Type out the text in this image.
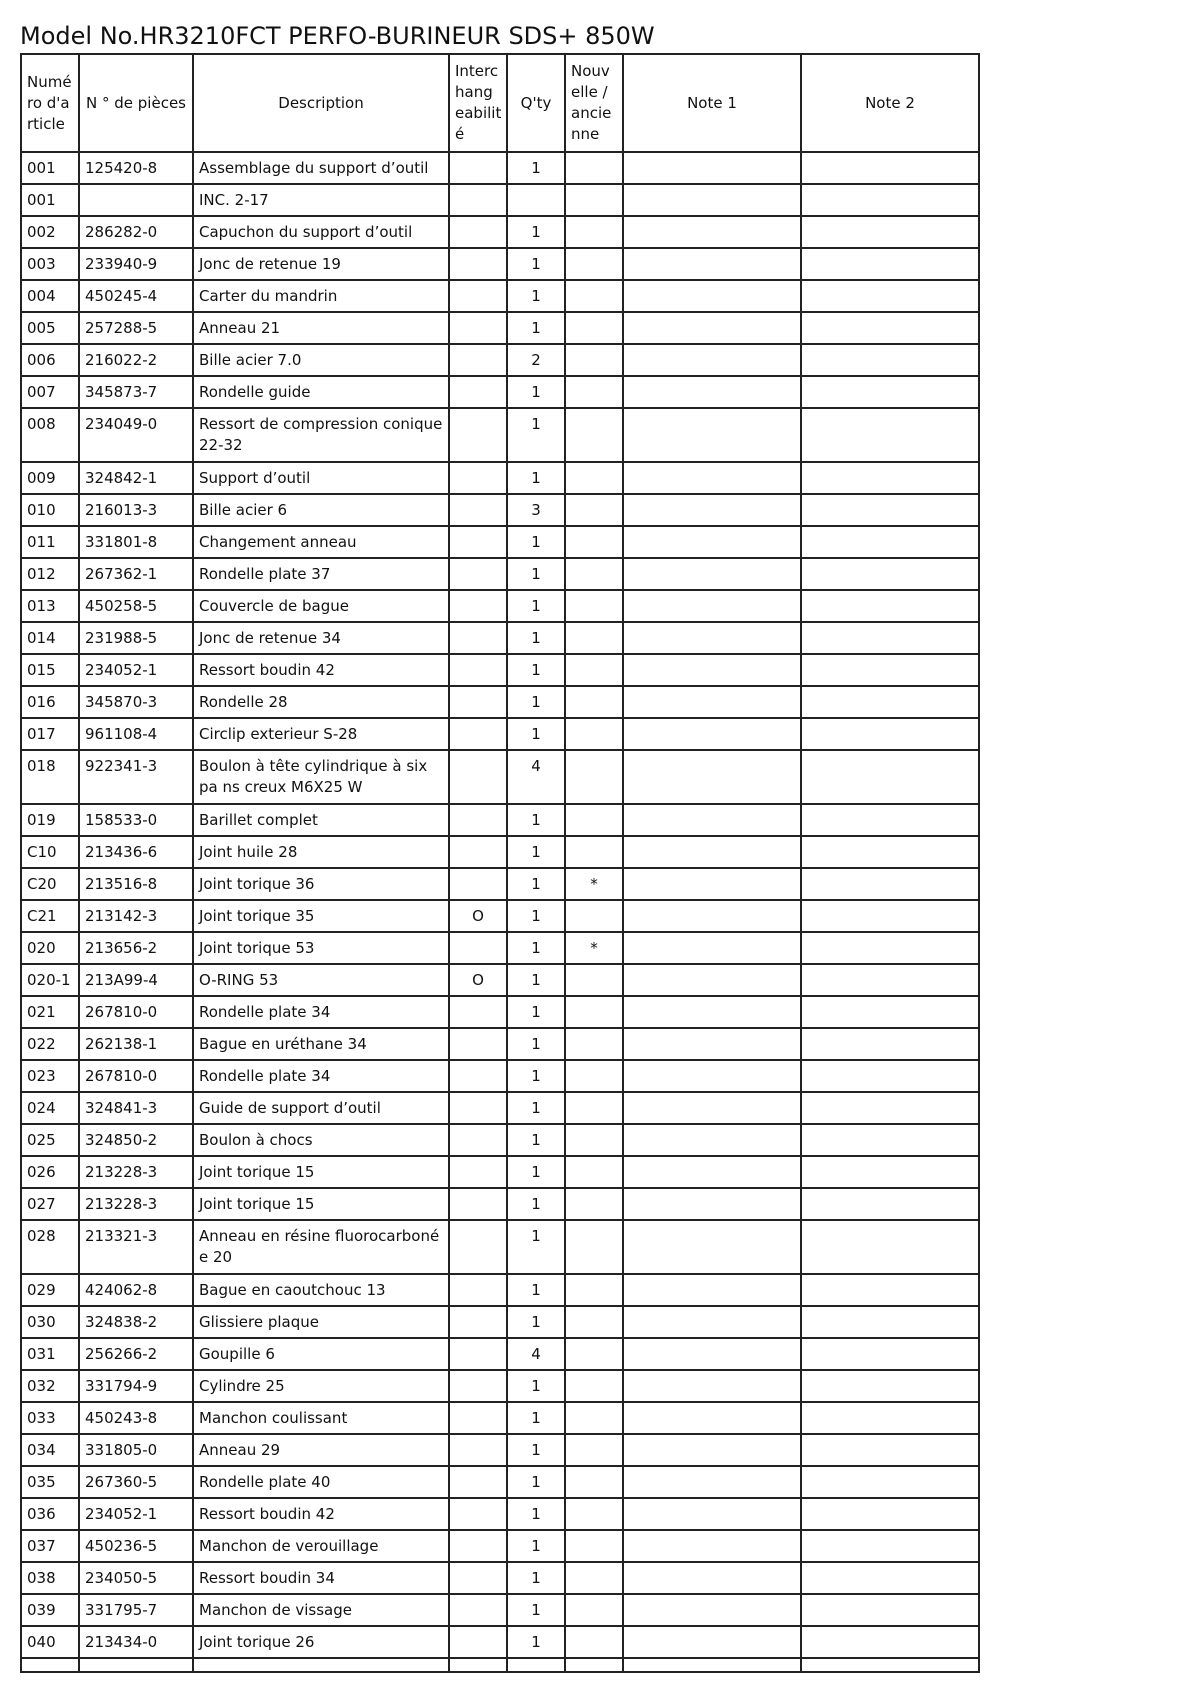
Model No.HR3210FCT PERFO-BURINEUR SDS+ 850W
Numé ro d'a rticle	N ° de pièces	Description	Interc hang eabilit é	Q'ty	Nouv elle / ancie nne	Note 1	Note 2
001	125420-8	Assemblage du support d’outil		1			
001		INC. 2-17					
002	286282-0	Capuchon du support d’outil		1			
003	233940-9	Jonc de retenue 19		1			
004	450245-4	Carter du mandrin		1			
005	257288-5	Anneau 21		1			
006	216022-2	Bille acier 7.0		2			
007	345873-7	Rondelle guide		1			
008	234049-0	Ressort de compression conique 22-32		1			
009	324842-1	Support d’outil		1			
010	216013-3	Bille acier 6		3			
011	331801-8	Changement anneau		1			
012	267362-1	Rondelle plate 37		1			
013	450258-5	Couvercle de bague		1			
014	231988-5	Jonc de retenue 34		1			
015	234052-1	Ressort boudin 42		1			
016	345870-3	Rondelle 28		1			
017	961108-4	Circlip exterieur S-28		1			
018	922341-3	Boulon à tête cylindrique à six pa ns creux M6X25 W		4			
019	158533-0	Barillet complet		1			
C10	213436-6	Joint huile 28		1			
C20	213516-8	Joint torique 36		1	*		
C21	213142-3	Joint torique 35	O	1			
020	213656-2	Joint torique 53		1	*		
020-1	213A99-4	O-RING 53	O	1			
021	267810-0	Rondelle plate 34		1			
022	262138-1	Bague en uréthane 34		1			
023	267810-0	Rondelle plate 34		1			
024	324841-3	Guide de support d’outil		1			
025	324850-2	Boulon à chocs		1			
026	213228-3	Joint torique 15		1			
027	213228-3	Joint torique 15		1			
028	213321-3	Anneau en résine fluorocarboné e 20		1			
029	424062-8	Bague en caoutchouc 13		1			
030	324838-2	Glissiere plaque		1			
031	256266-2	Goupille 6		4			
032	331794-9	Cylindre 25		1			
033	450243-8	Manchon coulissant		1			
034	331805-0	Anneau 29		1			
035	267360-5	Rondelle plate 40		1			
036	234052-1	Ressort boudin 42		1			
037	450236-5	Manchon de verouillage		1			
038	234050-5	Ressort boudin 34		1			
039	331795-7	Manchon de vissage		1			
040	213434-0	Joint torique 26		1			
